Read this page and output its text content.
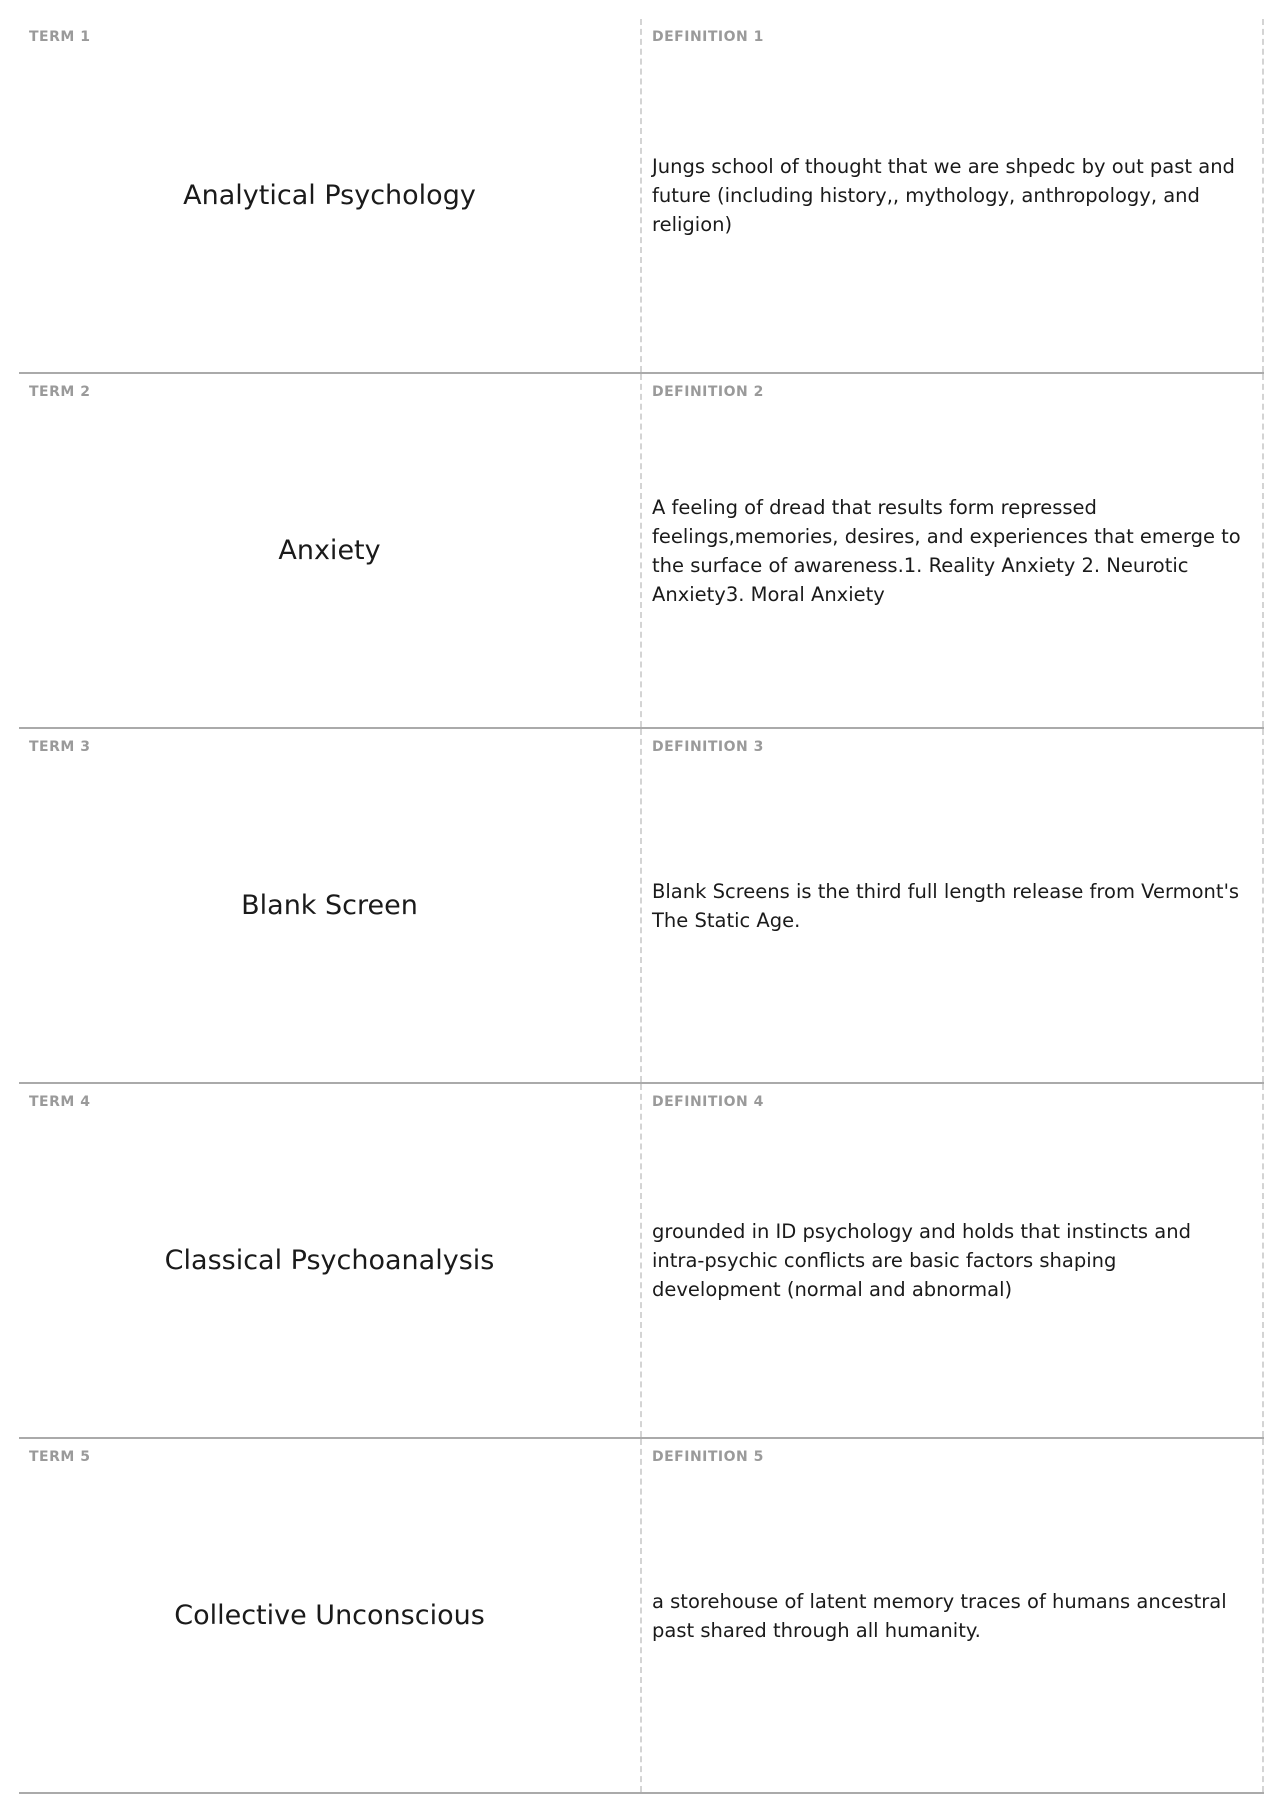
TERM 1
Analytical Psychology
DEFINITION 1
Jungs school of thought that we are shpedc by out past and future (including history,, mythology, anthropology, and religion)
TERM 2
Anxiety
DEFINITION 2
A feeling of dread that results form repressed feelings,memories, desires, and experiences that emerge to the surface of awareness.1. Reality Anxiety 2. Neurotic Anxiety3. Moral Anxiety
TERM 3
Blank Screen
DEFINITION 3
Blank Screens is the third full length release from Vermont's The Static Age.
TERM 4
Classical Psychoanalysis
DEFINITION 4
grounded in ID psychology and holds that instincts and intra-psychic conflicts are basic factors shaping development (normal and abnormal)
TERM 5
Collective Unconscious
DEFINITION 5
a storehouse of latent memory traces of humans ancestral past shared through all humanity.
